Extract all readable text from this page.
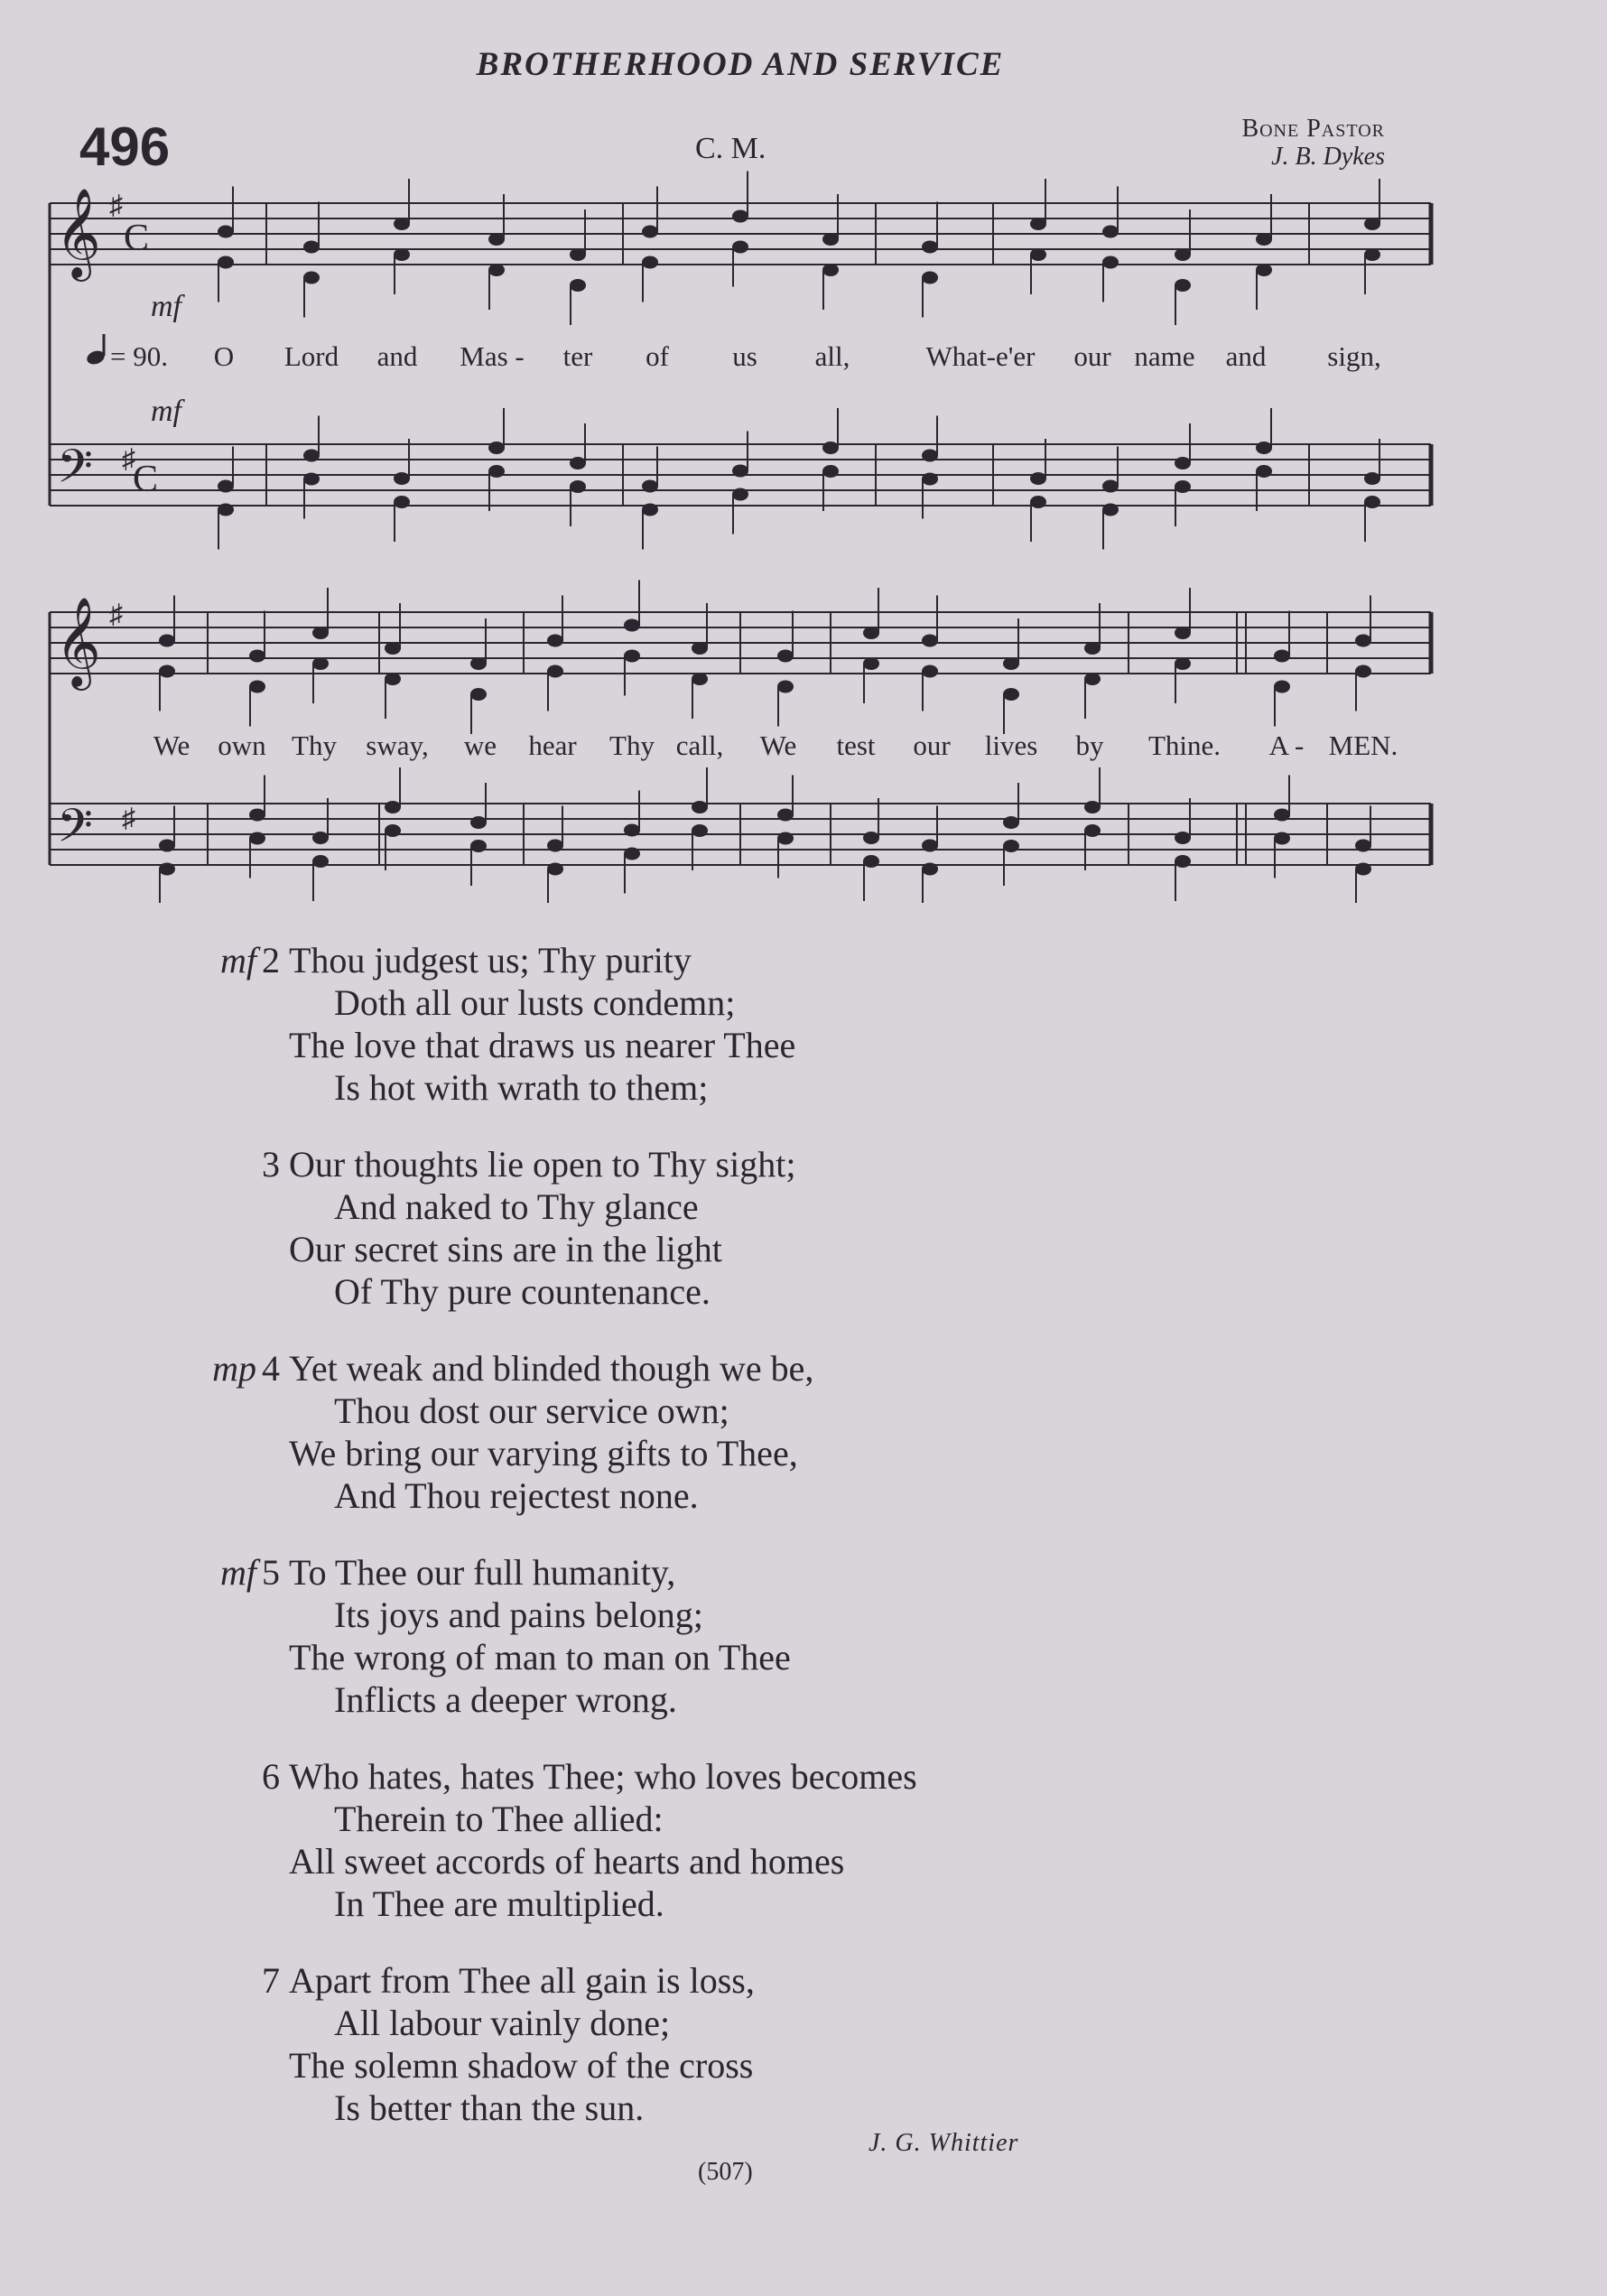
BROTHERHOOD AND SERVICE
496	C. M.
Bone Pastor
J. B. Dykes
𝄞
𝄢
♯
♯
C
C
𝄞
𝄢
♯
♯
mf
mf
= 90. O Lord and Mas - ter of us all,	What-e'er our name and sign,
We own Thy sway, we hear Thy call, We test our lives by Thine. A - MEN.
mf 2 Thou judgest us; Thy purity
Doth all our lusts condemn;
The love that draws us nearer Thee
Is hot with wrath to them;
3 Our thoughts lie open to Thy sight;
And naked to Thy glance
Our secret sins are in the light
Of Thy pure countenance.
mp 4 Yet weak and blinded though we be,
Thou dost our service own;
We bring our varying gifts to Thee,
And Thou rejectest none.
mf 5 To Thee our full humanity,
Its joys and pains belong;
The wrong of man to man on Thee
Inflicts a deeper wrong.
6 Who hates, hates Thee; who loves becomes
Therein to Thee allied:
All sweet accords of hearts and homes
In Thee are multiplied.
7 Apart from Thee all gain is loss,
All labour vainly done;
The solemn shadow of the cross
Is better than the sun.
J. G. Whittier
(507)
